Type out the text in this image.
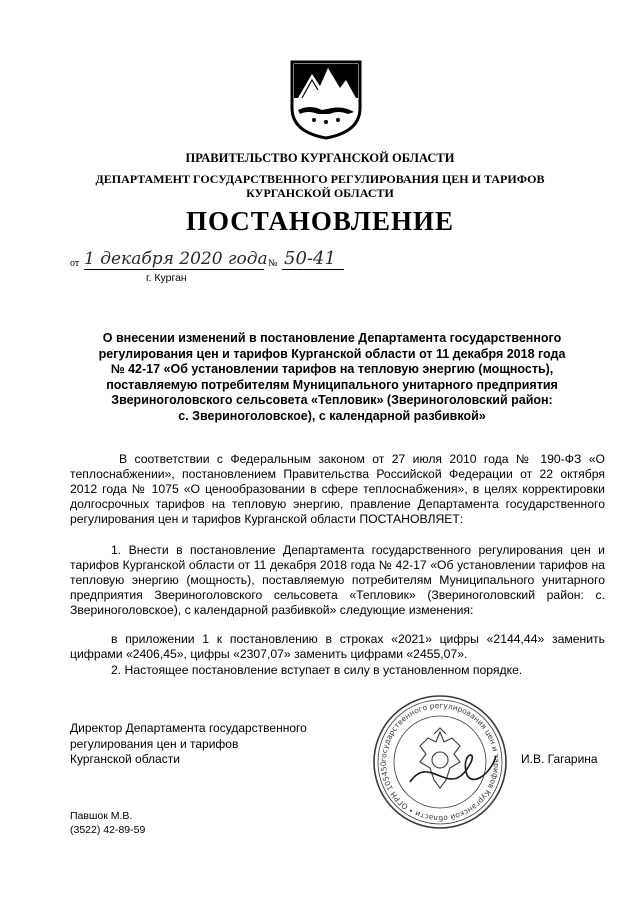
ПРАВИТЕЛЬСТВО КУРГАНСКОЙ ОБЛАСТИ
ДЕПАРТАМЕНТ ГОСУДАРСТВЕННОГО РЕГУЛИРОВАНИЯ ЦЕН И ТАРИФОВ
КУРГАНСКОЙ ОБЛАСТИ
ПОСТАНОВЛЕНИЕ
от 1 декабря 2020 года № 50-41
г. Курган
О внесении изменений в постановление Департамента государственного
регулирования цен и тарифов Курганской области от 11 декабря 2018 года
№ 42-17 «Об установлении тарифов на тепловую энергию (мощность),
поставляемую потребителям Муниципального унитарного предприятия
Звериноголовского сельсовета «Тепловик» (Звериноголовский район:
с. Звериноголовское), с календарной разбивкой»
В соответствии с Федеральным законом от 27 июля 2010 года № 190-ФЗ «О теплоснабжении», постановлением Правительства Российской Федерации от 22 октября 2012 года № 1075 «О ценообразовании в сфере теплоснабжения», в целях корректировки долгосрочных тарифов на тепловую энергию, правление Департамента государственного регулирования цен и тарифов Курганской области ПОСТАНОВЛЯЕТ:
1. Внести в постановление Департамента государственного регулирования цен и тарифов Курганской области от 11 декабря 2018 года № 42-17 «Об установлении тарифов на тепловую энергию (мощность), поставляемую потребителям Муниципального унитарного предприятия Звериноголовского сельсовета «Тепловик» (Звериноголовский район: с. Звериноголовское), с календарной разбивкой» следующие изменения:
в приложении 1 к постановлению в строках «2021» цифры «2144,44» заменить цифрами «2406,45», цифры «2307,07» заменить цифрами «2455,07».
2. Настоящее постановление вступает в силу в установленном порядке.
Директор Департамента государственного
регулирования цен и тарифов
Курганской области	государственного регулирования цен и тарифов Курганской области • ОГРН 105450	И.В. Гагарина
Павшок М.В.
(3522) 42-89-59
